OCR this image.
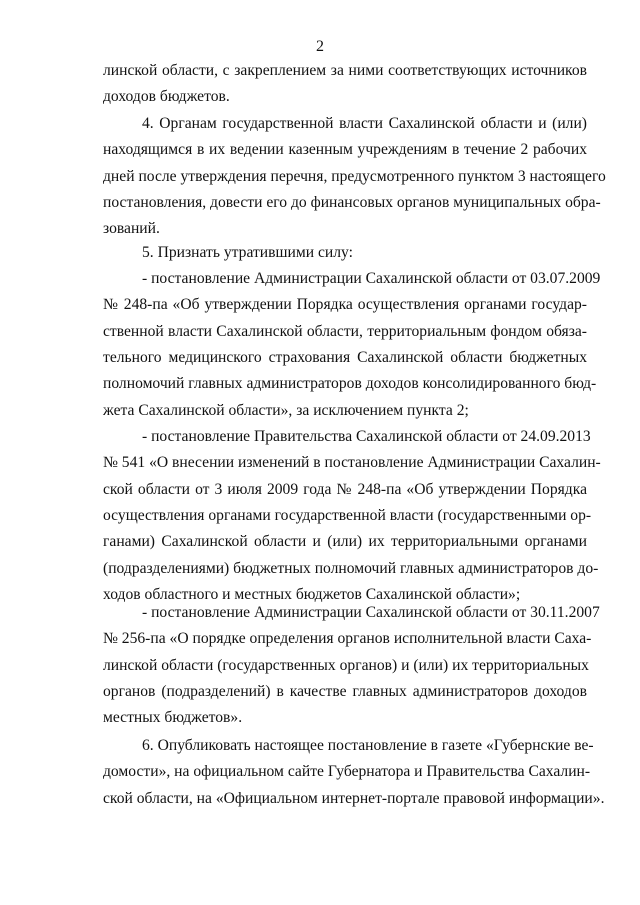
2
линской области, с закреплением за ними соответствующих источников
доходов бюджетов.
4. Органам государственной власти Сахалинской области и (или)
находящимся в их ведении казенным учреждениям в течение 2 рабочих
дней после утверждения перечня, предусмотренного пунктом 3 настоящего
постановления, довести его до финансовых органов муниципальных обра-
зований.
5. Признать утратившими силу:
- постановление Администрации Сахалинской области от 03.07.2009
№ 248-па «Об утверждении Порядка осуществления органами государ-
ственной власти Сахалинской области, территориальным фондом обяза-
тельного медицинского страхования Сахалинской области бюджетных
полномочий главных администраторов доходов консолидированного бюд-
жета Сахалинской области», за исключением пункта 2;
- постановление Правительства Сахалинской области от 24.09.2013
№ 541 «О внесении изменений в постановление Администрации Сахалин-
ской области от 3 июля 2009 года № 248-па «Об утверждении Порядка
осуществления органами государственной власти (государственными ор-
ганами) Сахалинской области и (или) их территориальными органами
(подразделениями) бюджетных полномочий главных администраторов до-
ходов областного и местных бюджетов Сахалинской области»;
- постановление Администрации Сахалинской области от 30.11.2007
№ 256-па «О порядке определения органов исполнительной власти Саха-
линской области (государственных органов) и (или) их территориальных
органов (подразделений) в качестве главных администраторов доходов
местных бюджетов».
6. Опубликовать настоящее постановление в газете «Губернские ве-
домости», на официальном сайте Губернатора и Правительства Сахалин-
ской области, на «Официальном интернет-портале правовой информации».
